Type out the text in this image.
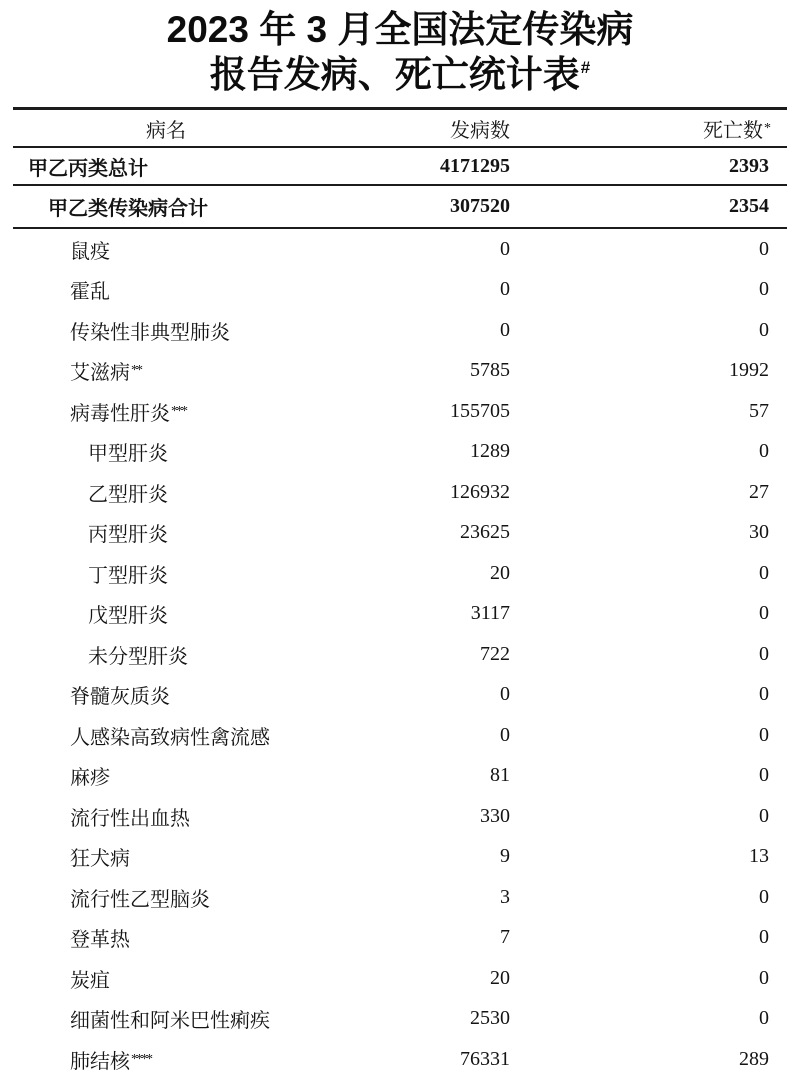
2023 年 3 月全国法定传染病
报告发病、死亡统计表#
病名	发病数	死亡数*
甲乙丙类总计	4171295	2393
甲乙类传染病合计	307520	2354
鼠疫	0	0
霍乱	0	0
传染性非典型肺炎	0	0
艾滋病**	5785	1992
病毒性肝炎***	155705	57
甲型肝炎	1289	0
乙型肝炎	126932	27
丙型肝炎	23625	30
丁型肝炎	20	0
戊型肝炎	3117	0
未分型肝炎	722	0
脊髓灰质炎	0	0
人感染高致病性禽流感	0	0
麻疹	81	0
流行性出血热	330	0
狂犬病	9	13
流行性乙型脑炎	3	0
登革热	7	0
炭疽	20	0
细菌性和阿米巴性痢疾	2530	0
肺结核****	76331	289
